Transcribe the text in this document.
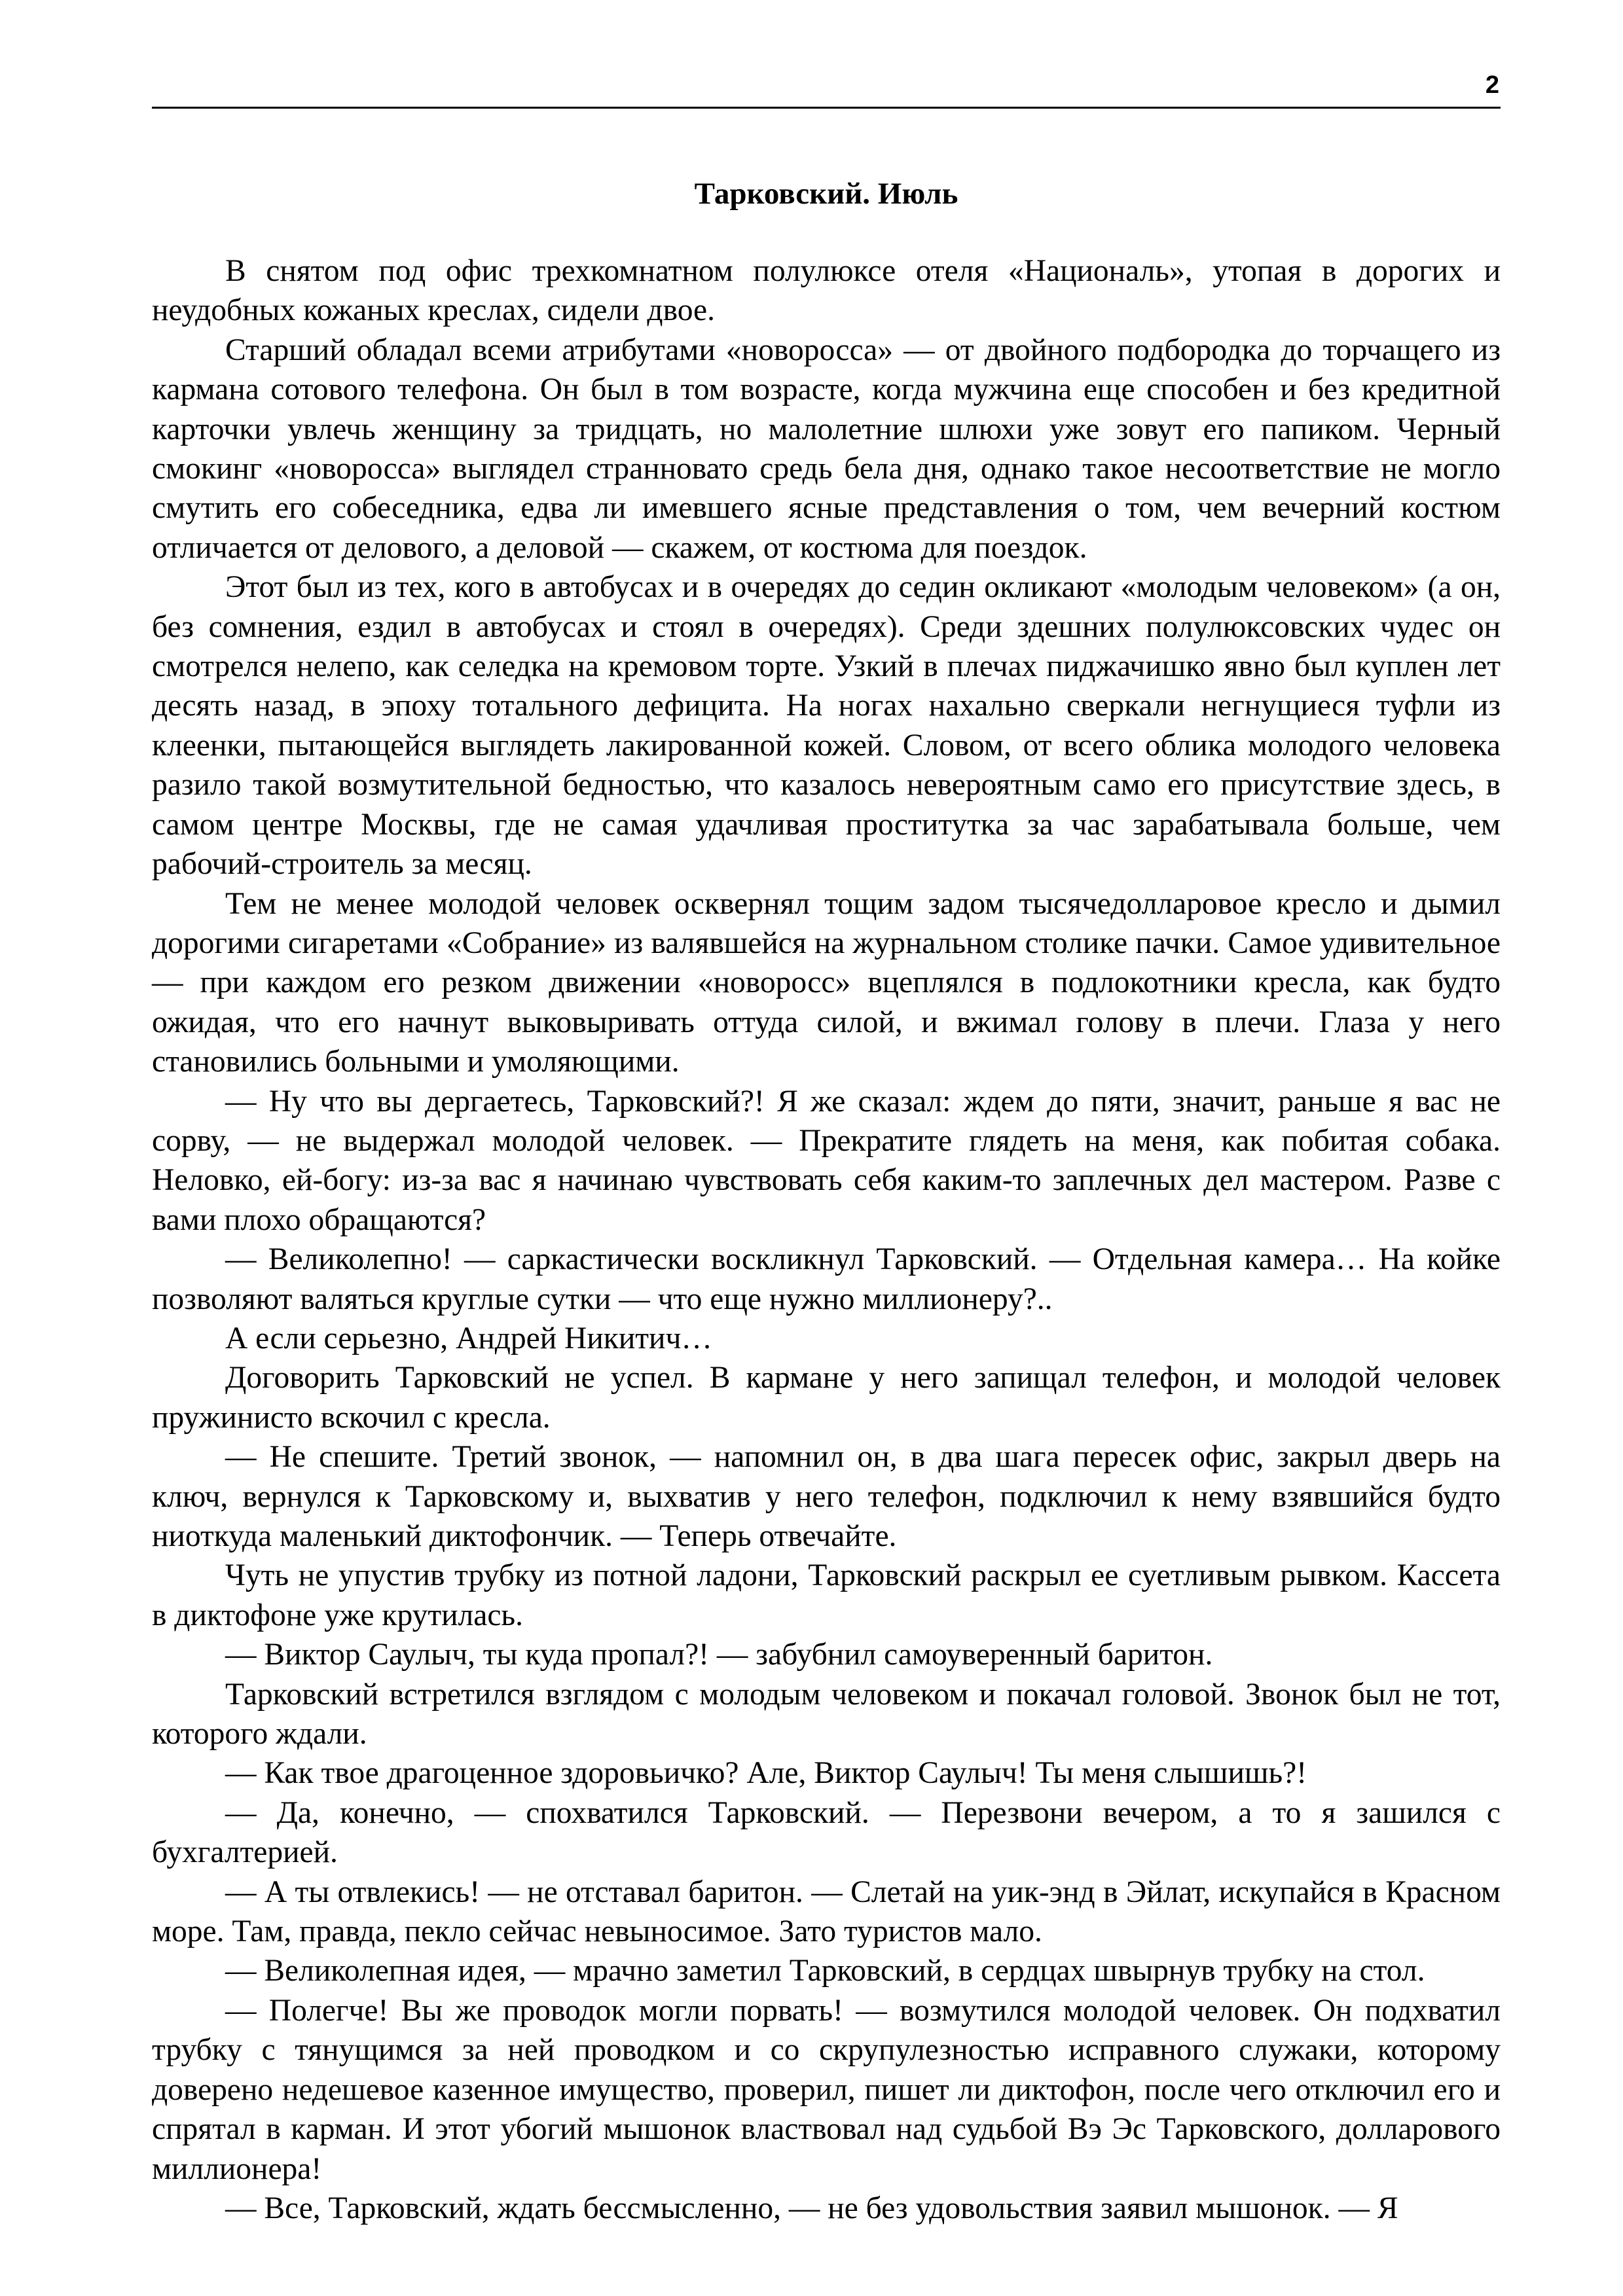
2
Тарковский. Июль

В снятом под офис трехкомнатном полулюксе отеля «Националь», утопая в дорогих и неудобных кожаных креслах, сидели двое.

Старший обладал всеми атрибутами «новоросса» — от двойного подбородка до торчащего из кармана сотового телефона. Он был в том возрасте, когда мужчина еще способен и без кредитной карточки увлечь женщину за тридцать, но малолетние шлюхи уже зовут его папиком. Черный смокинг «новоросса» выглядел странновато средь бела дня, однако такое несоответствие не могло смутить его собеседника, едва ли имевшего ясные представления о том, чем вечерний костюм отличается от делового, а деловой — скажем, от костюма для поездок.

Этот был из тех, кого в автобусах и в очередях до седин окликают «молодым человеком» (а он, без сомнения, ездил в автобусах и стоял в очередях). Среди здешних полулюксовских чудес он смотрелся нелепо, как селедка на кремовом торте. Узкий в плечах пиджачишко явно был куплен лет десять назад, в эпоху тотального дефицита. На ногах нахально сверкали негнущиеся туфли из клеенки, пытающейся выглядеть лакированной кожей. Словом, от всего облика молодого человека разило такой возмутительной бедностью, что казалось невероятным само его присутствие здесь, в самом центре Москвы, где не самая удачливая проститутка за час зарабатывала больше, чем рабочий-строитель за месяц.

Тем не менее молодой человек осквернял тощим задом тысячедолларовое кресло и дымил дорогими сигаретами «Собрание» из валявшейся на журнальном столике пачки. Самое удивительное — при каждом его резком движении «новоросс» вцеплялся в подлокотники кресла, как будто ожидая, что его начнут выковыривать оттуда силой, и вжимал голову в плечи. Глаза у него становились больными и умоляющими.

— Ну что вы дергаетесь, Тарковский?! Я же сказал: ждем до пяти, значит, раньше я вас не сорву, — не выдержал молодой человек. — Прекратите глядеть на меня, как побитая собака. Неловко, ей-богу: из-за вас я начинаю чувствовать себя каким-то заплечных дел мастером. Разве с вами плохо обращаются?

— Великолепно! — саркастически воскликнул Тарковский. — Отдельная камера… На койке позволяют валяться круглые сутки — что еще нужно миллионеру?..

А если серьезно, Андрей Никитич…

Договорить Тарковский не успел. В кармане у него запищал телефон, и молодой человек пружинисто вскочил с кресла.

— Не спешите. Третий звонок, — напомнил он, в два шага пересек офис, закрыл дверь на ключ, вернулся к Тарковскому и, выхватив у него телефон, подключил к нему взявшийся будто ниоткуда маленький диктофончик. — Теперь отвечайте.

Чуть не упустив трубку из потной ладони, Тарковский раскрыл ее суетливым рывком. Кассета в диктофоне уже крутилась.

— Виктор Саулыч, ты куда пропал?! — забубнил самоуверенный баритон.

Тарковский встретился взглядом с молодым человеком и покачал головой. Звонок был не тот, которого ждали.

— Как твое драгоценное здоровьичко? Але, Виктор Саулыч! Ты меня слышишь?!

— Да, конечно, — спохватился Тарковский. — Перезвони вечером, а то я зашился с бухгалтерией.

— А ты отвлекись! — не отставал баритон. — Слетай на уик-энд в Эйлат, искупайся в Красном море. Там, правда, пекло сейчас невыносимое. Зато туристов мало.

— Великолепная идея, — мрачно заметил Тарковский, в сердцах швырнув трубку на стол.

— Полегче! Вы же проводок могли порвать! — возмутился молодой человек. Он подхватил трубку с тянущимся за ней проводком и со скрупулезностью исправного служаки, которому доверено недешевое казенное имущество, проверил, пишет ли диктофон, после чего отключил его и спрятал в карман. И этот убогий мышонок властвовал над судьбой Вэ Эс Тарковского, долларового миллионера!

— Все, Тарковский, ждать бессмысленно, — не без удовольствия заявил мышонок. — Я
